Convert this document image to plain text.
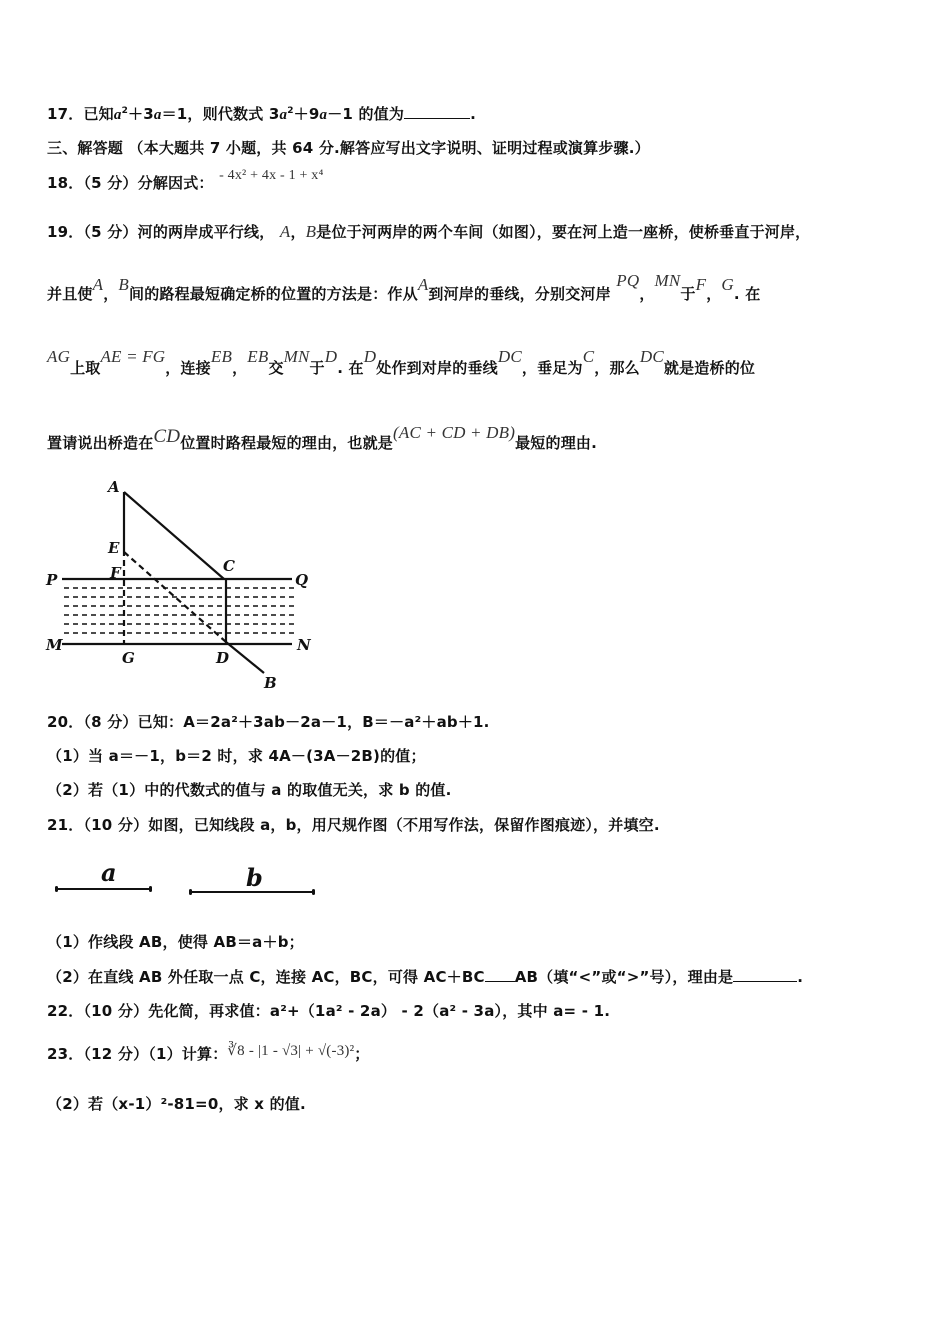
17．已知$a^2+3a=1$，则代数式 $3a^2+9a-1$ 的值为	.
三、解答题 （本大题共 7 小题，共 64 分.解答应写出文字说明、证明过程或演算步骤.）
18．（5 分）分解因式： - 4x² + 4x - 1 + x⁴
19．（5 分）河的两岸成平行线， A，B是位于河两岸的两个车间（如图），要在河上造一座桥，使桥垂直于河岸，
并且使A，B间的路程最短确定桥的位置的方法是：作从A到河岸的垂线，分别交河岸 PQ，MN于F，G. 在
AG上取AE = FG，连接EB，EB交MN于D. 在D处作到对岸的垂线DC，垂足为C，那么DC就是造桥的位
置请说出桥造在CD位置时路程最短的理由，也就是(AC + CD + DB)最短的理由.
A
E
F	C
P	Q
M	N
G	D
B
20．（8 分）已知：A＝2a²＋3ab－2a－1，B＝－a²＋ab＋1.
（1）当 a＝－1，b＝2 时，求 4A－(3A－2B)的值；
（2）若（1）中的代数式的值与 a 的取值无关，求 b 的值.
21．（10 分）如图，已知线段 a，b，用尺规作图（不用写作法，保留作图痕迹），并填空.
a	b
（1）作线段 AB，使得 AB＝a＋b；
（2）在直线 AB 外任取一点 C，连接 AC，BC，可得 AC＋BC AB（填“<”或“>”号），理由是	.
22．（10 分）先化简，再求值：a²+（1a² - 2a） - 2（a² - 3a），其中 a= - 1.
23．（12 分）（1）计算：∛8 - |1 - √3| + √(-3)²；
（2）若（x-1）²-81=0，求 x 的值.
